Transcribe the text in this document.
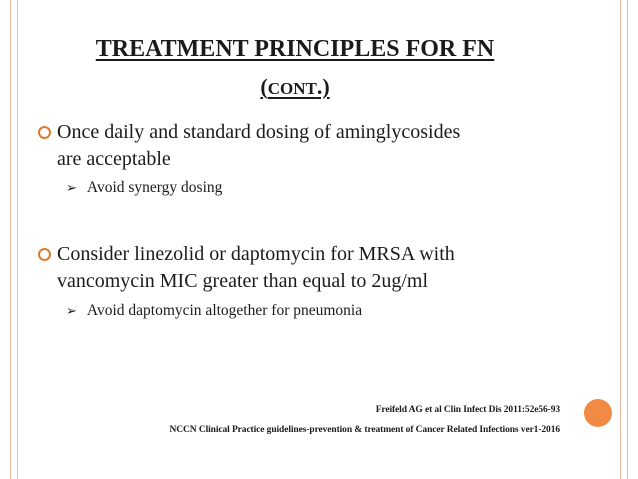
TREATMENT PRINCIPLES FOR FN
(CONT.)
Once daily and standard dosing of aminglycosides
are acceptable
➢ Avoid synergy dosing
Consider linezolid or daptomycin for MRSA with
vancomycin MIC greater than equal to 2ug/ml
➢ Avoid daptomycin altogether for pneumonia
Freifeld AG et al Clin Infect Dis 2011:52e56-93
NCCN Clinical Practice guidelines-prevention & treatment of Cancer Related Infections ver1-2016
